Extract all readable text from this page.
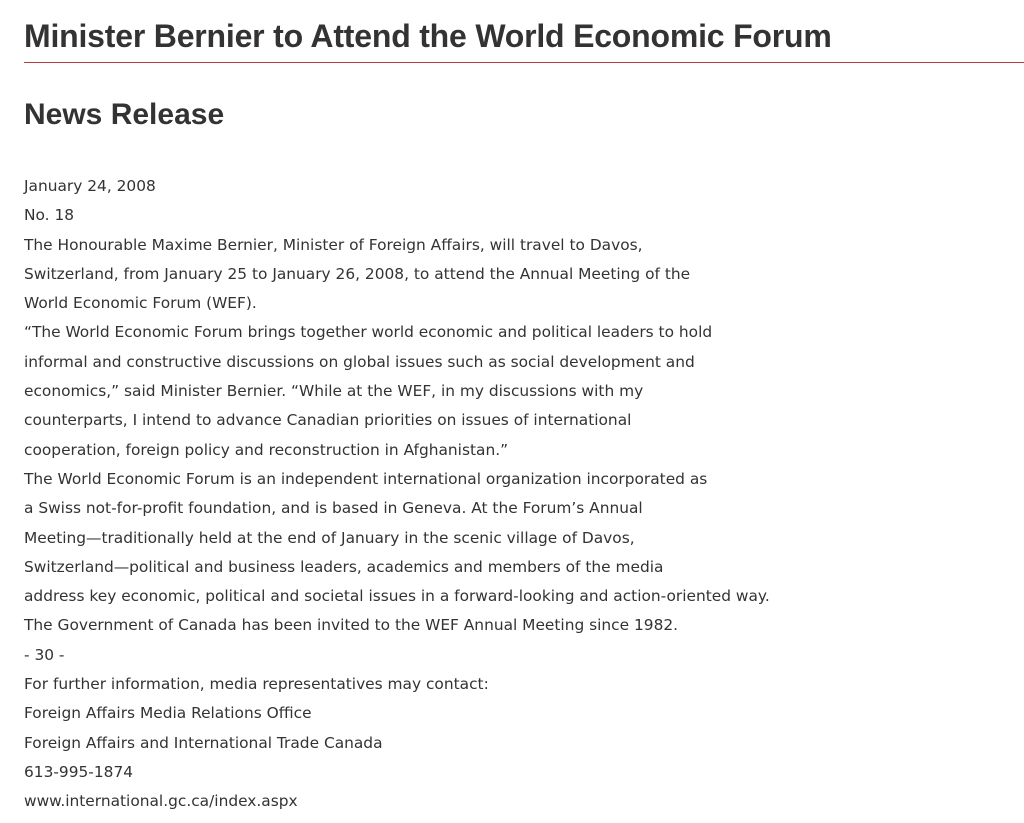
Minister Bernier to Attend the World Economic Forum
News Release
January 24, 2008
No. 18
The Honourable Maxime Bernier, Minister of Foreign Affairs, will travel to Davos,
Switzerland, from January 25 to January 26, 2008, to attend the Annual Meeting of the
World Economic Forum (WEF).
“The World Economic Forum brings together world economic and political leaders to hold
informal and constructive discussions on global issues such as social development and
economics,” said Minister Bernier. “While at the WEF, in my discussions with my
counterparts, I intend to advance Canadian priorities on issues of international
cooperation, foreign policy and reconstruction in Afghanistan.”
The World Economic Forum is an independent international organization incorporated as
a Swiss not-for-profit foundation, and is based in Geneva. At the Forum’s Annual
Meeting—traditionally held at the end of January in the scenic village of Davos,
Switzerland—political and business leaders, academics and members of the media
address key economic, political and societal issues in a forward-looking and action-oriented way.
The Government of Canada has been invited to the WEF Annual Meeting since 1982.
- 30 -
For further information, media representatives may contact:
Foreign Affairs Media Relations Office
Foreign Affairs and International Trade Canada
613-995-1874
www.international.gc.ca/index.aspx
